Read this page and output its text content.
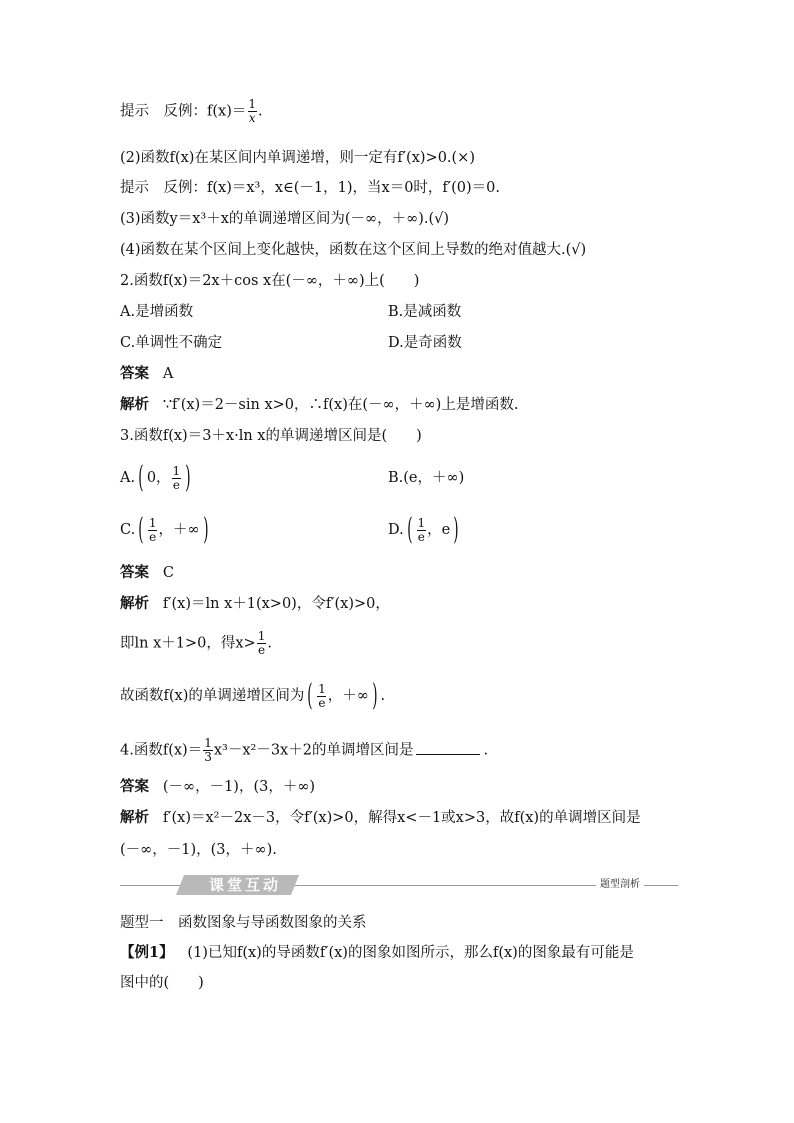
提示　反例：$f(x)= \frac{1}{x}$ .
(2)函数f(x)在某区间内单调递增，则一定有f′(x)>0.(×)
提示　反例：f(x)＝x³，x∈(－1，1)，当x＝0时，f′(0)＝0.
(3)函数y＝x³＋x的单调递增区间为(－∞，＋∞).(√)
(4)函数在某个区间上变化越快，函数在这个区间上导数的绝对值越大.(√)
2.函数f(x)＝2x＋cos x在(－∞，＋∞)上(　　)
A.是增函数	B.是减函数
C.单调性不确定	D.是奇函数
答案 A
解析 ∵f′(x)＝2－sin x>0，∴f(x)在(－∞，＋∞)上是增函数.
3.函数f(x)＝3＋x·ln x的单调递增区间是(　　)
A. ( 0， $\frac{1}{e}$ )	B.(e，＋∞)
C. ( $\frac{1}{e}$ ，＋∞ )	D. ( $\frac{1}{e}$ ，e )
答案 C
解析 f′(x)＝ln x＋1(x>0)，令f′(x)>0，
即ln x＋1>0，得$x> \frac{1}{e}$ .
故函数f(x)的单调递增区间为 ( $\frac{1}{e}$ ，＋∞ ) .
4.函数$f(x)= \frac{1}{3} x^3-x^2-3x+2$的单调增区间是	.
答案 (－∞，－1)，(3，＋∞)
解析 f′(x)＝x²－2x－3，令f′(x)>0，解得x<－1或x>3，故f(x)的单调增区间是
(－∞，－1)，(3，＋∞).
课堂互动	题型剖析
题型一　函数图象与导函数图象的关系
【例1】 (1)已知f(x)的导函数f′(x)的图象如图所示，那么f(x)的图象最有可能是
图中的(　　)
